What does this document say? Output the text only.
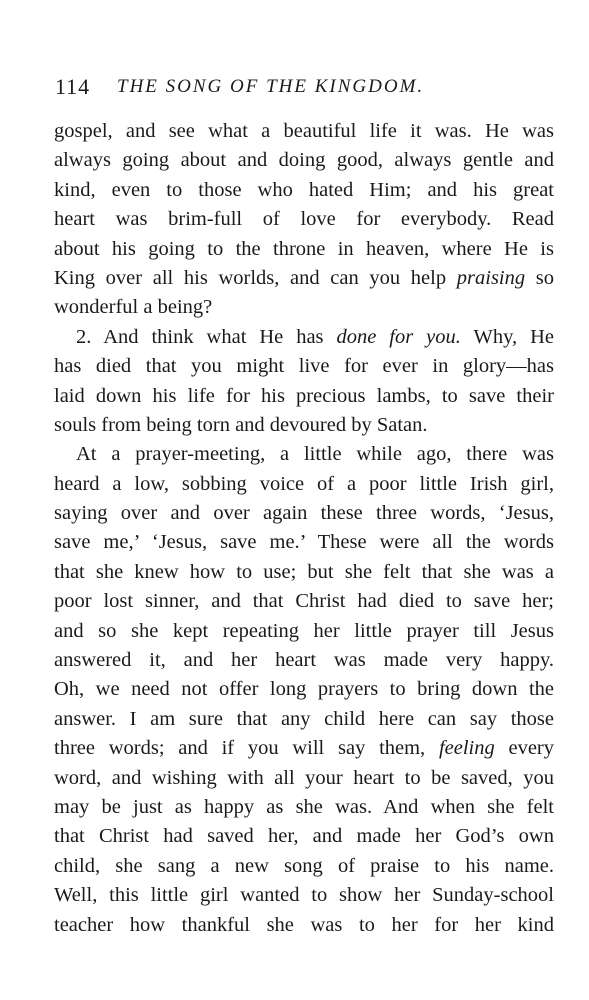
114 THE SONG OF THE KINGDOM.
gospel, and see what a beautiful life it was. He was
always going about and doing good, always gentle and
kind, even to those who hated Him; and his great
heart was brim-full of love for everybody. Read
about his going to the throne in heaven, where He is
King over all his worlds, and can you help praising so
wonderful a being?
2. And think what He has done for you. Why, He
has died that you might live for ever in glory—has
laid down his life for his precious lambs, to save their
souls from being torn and devoured by Satan.
At a prayer-meeting, a little while ago, there was
heard a low, sobbing voice of a poor little Irish girl,
saying over and over again these three words, ‘Jesus,
save me,’ ‘Jesus, save me.’ These were all the words
that she knew how to use; but she felt that she was a
poor lost sinner, and that Christ had died to save her;
and so she kept repeating her little prayer till Jesus
answered it, and her heart was made very happy.
Oh, we need not offer long prayers to bring down the
answer. I am sure that any child here can say those
three words; and if you will say them, feeling every
word, and wishing with all your heart to be saved, you
may be just as happy as she was. And when she felt
that Christ had saved her, and made her God’s own
child, she sang a new song of praise to his name.
Well, this little girl wanted to show her Sunday-school
teacher how thankful she was to her for her kind
